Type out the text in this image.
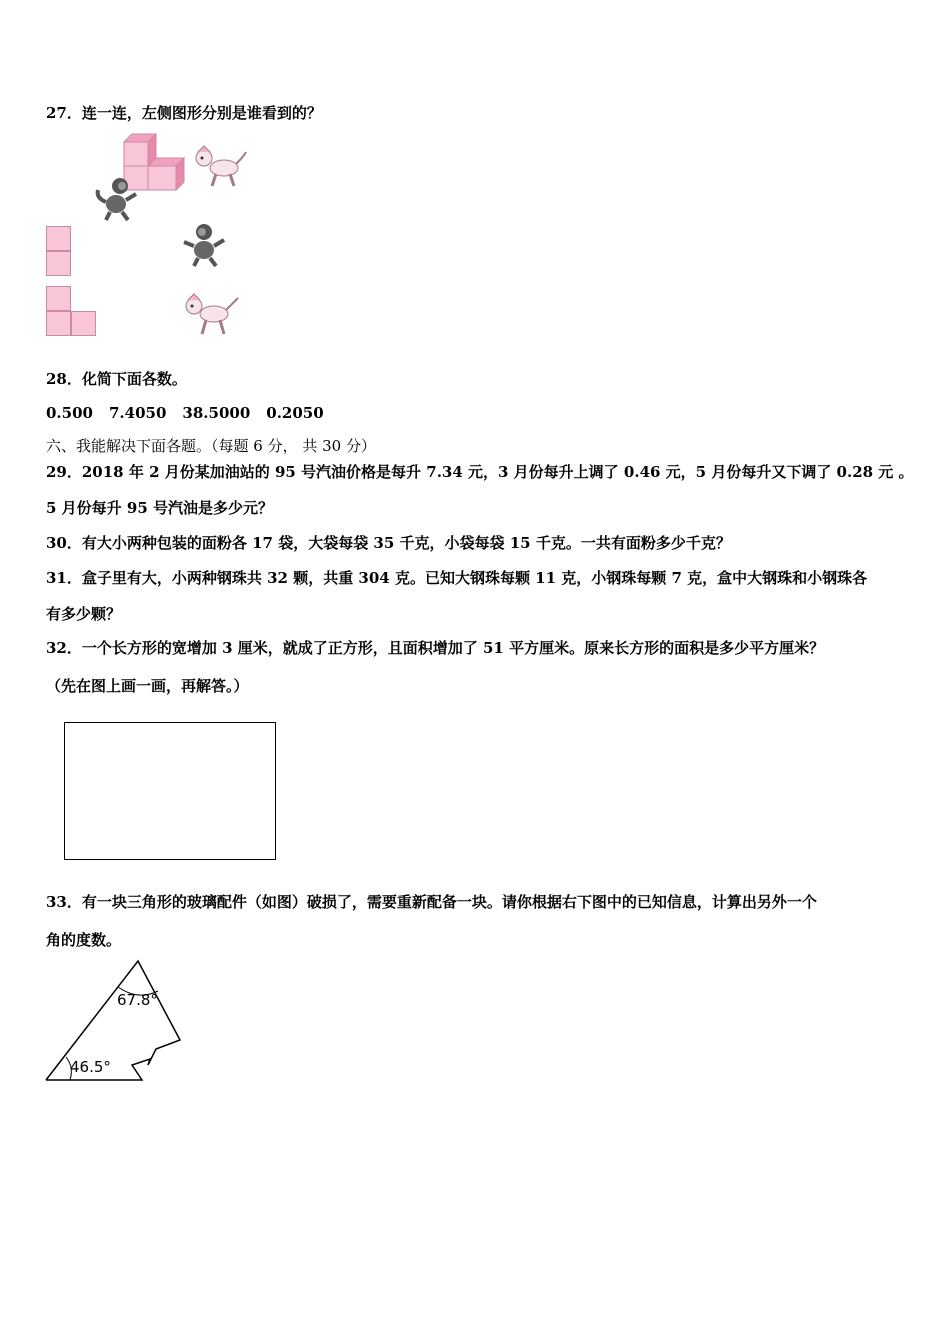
27．连一连，左侧图形分别是谁看到的？
28．化简下面各数。
0.500 7.4050 38.5000 0.2050
六、我能解决下面各题。（每题 6 分， 共 30 分）
29．2018 年 2 月份某加油站的 95 号汽油价格是每升 7.34 元，3 月份每升上调了 0.46 元，5 月份每升又下调了 0.28 元 。
5 月份每升 95 号汽油是多少元？
30．有大小两种包装的面粉各 17 袋，大袋每袋 35 千克，小袋每袋 15 千克。一共有面粉多少千克？
31．盒子里有大，小两种钢珠共 32 颗，共重 304 克。已知大钢珠每颗 11 克，小钢珠每颗 7 克，盒中大钢珠和小钢珠各
有多少颗？
32．一个长方形的宽增加 3 厘米，就成了正方形，且面积增加了 51 平方厘米。原来长方形的面积是多少平方厘米？
（先在图上画一画，再解答。）
33．有一块三角形的玻璃配件（如图）破损了，需要重新配备一块。请你根据右下图中的已知信息，计算出另外一个
角的度数。
67.8°
46.5°
